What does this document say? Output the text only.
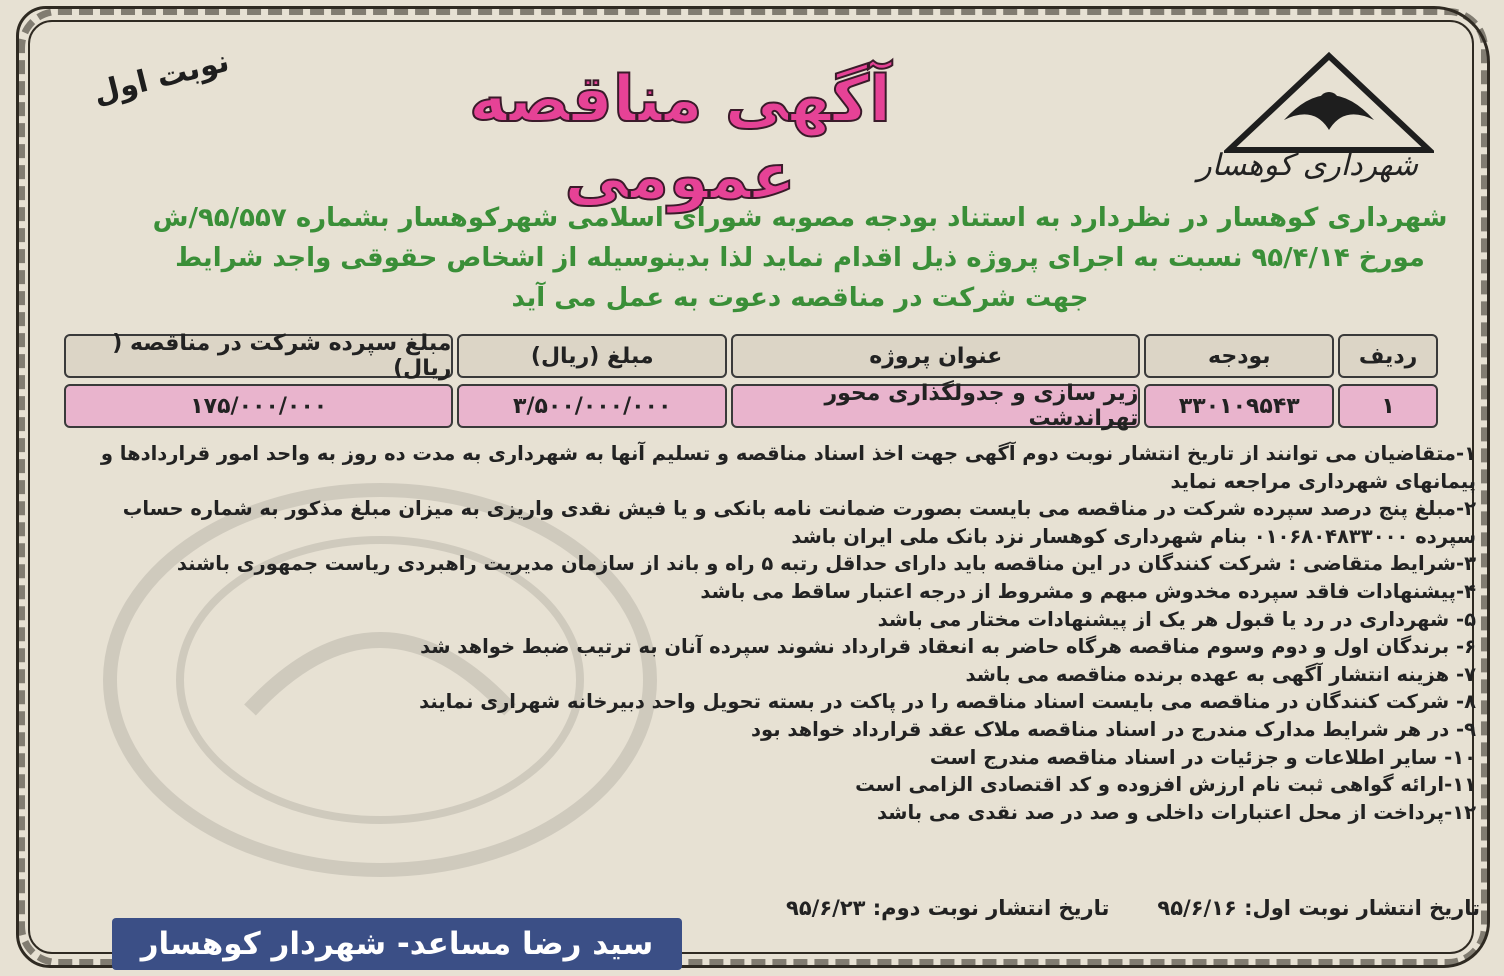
شهرداری کوهسار
نوبت اول	آگهی مناقصه عمومی
شهرداری کوهسار در نظردارد به استناد بودجه مصوبه شورای اسلامی شهرکوهسار بشماره ۹۵/۵۵۷/ش
مورخ ۹۵/۴/۱۴ نسبت به اجرای پروژه ذیل اقدام نماید لذا بدینوسیله از اشخاص حقوقی واجد شرایط
جهت شرکت در مناقصه دعوت به عمل می آید
ردیف
بودجه
عنوان پروژه
مبلغ (ریال)
مبلغ سپرده شرکت در مناقصه ( ریال)
۱
۳۳۰۱۰۹۵۴۳
زیر سازی و جدولگذاری محور تهراندشت
۳/۵۰۰/۰۰۰/۰۰۰
۱۷۵/۰۰۰/۰۰۰

۱-متقاضیان می توانند از تاریخ انتشار نوبت دوم آگهی جهت اخذ اسناد مناقصه و تسلیم آنها به شهرداری به مدت ده روز به واحد امور قراردادها و

پیمانهای شهرداری مراجعه نماید

۲-مبلغ پنج درصد سپرده شرکت در مناقصه می بایست بصورت ضمانت نامه بانکی و یا فیش نقدی واریزی به میزان مبلغ مذکور به شماره حساب

سپرده ۰۱۰۶۸۰۴۸۳۳۰۰۰ بنام شهرداری کوهسار نزد بانک ملی ایران باشد

۳-شرایط متقاضی : شرکت کنندگان در این مناقصه باید دارای حداقل رتبه ۵ راه و باند از سازمان مدیریت راهبردی ریاست جمهوری باشند

۴-پیشنهادات فاقد سپرده مخدوش مبهم و مشروط از درجه اعتبار ساقط می باشد

۵- شهرداری در رد یا قبول هر یک از پیشنهادات مختار می باشد

۶- برندگان اول و دوم وسوم مناقصه هرگاه حاضر به انعقاد قرارداد نشوند سپرده آنان به ترتیب ضبط خواهد شد

۷- هزینه انتشار آگهی به عهده برنده مناقصه می باشد

۸- شرکت کنندگان در مناقصه می بایست اسناد مناقصه را در پاکت در بسته تحویل واحد دبیرخانه شهراری نمایند

۹- در هر شرایط مدارک مندرج در اسناد مناقصه ملاک عقد قرارداد خواهد بود

۱۰- سایر اطلاعات و جزئیات در اسناد مناقصه مندرج است

۱۱-ارائه گواهی ثبت نام ارزش افزوده و کد اقتصادی الزامی است

۱۲-پرداخت از محل اعتبارات داخلی و صد در صد نقدی می باشد

تاریخ انتشار نوبت اول: ۹۵/۶/۱۶
تاریخ انتشار نوبت دوم: ۹۵/۶/۲۳
سید رضا مساعد- شهردار کوهسار
